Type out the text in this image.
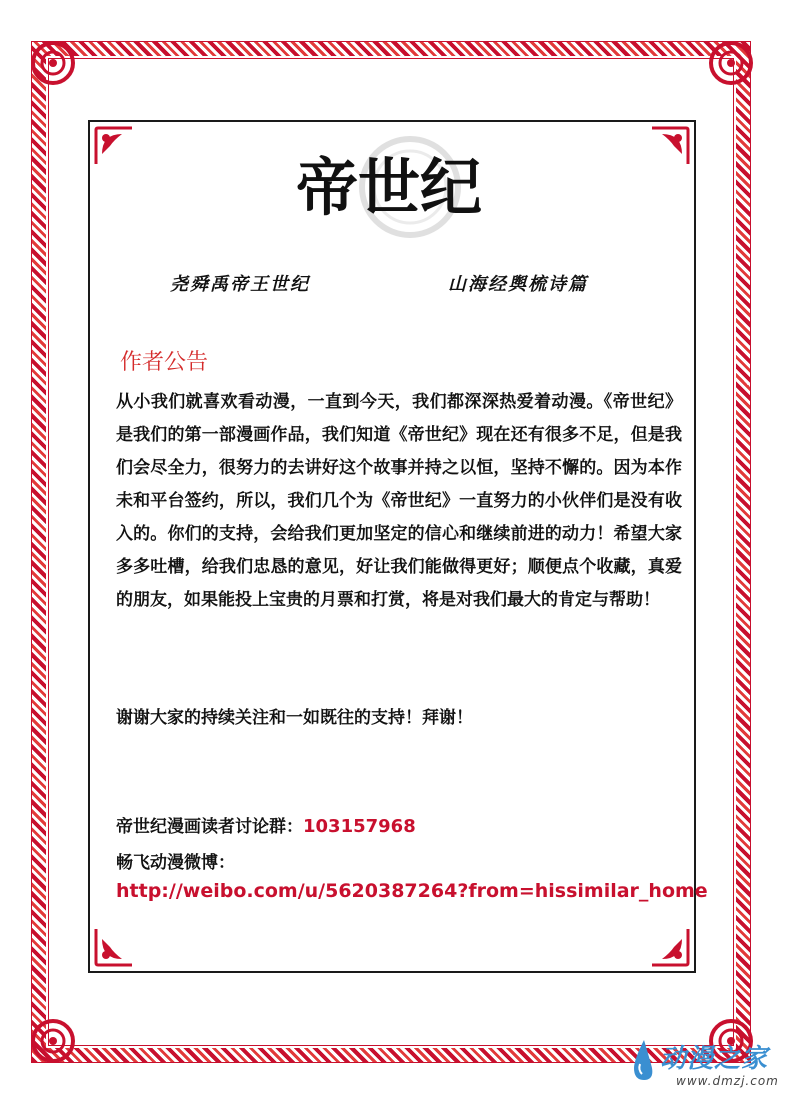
帝世纪
尧舜禹帝王世纪	山海经舆梳诗篇
作者公告

从小我们就喜欢看动漫，一直到今天，我们都深深热爱着动漫。《帝世纪》是我们的第一部漫画作品，我们知道《帝世纪》现在还有很多不足，但是我们会尽全力，很努力的去讲好这个故事并持之以恒，坚持不懈的。因为本作未和平台签约，所以，我们几个为《帝世纪》一直努力的小伙伴们是没有收入的。你们的支持，会给我们更加坚定的信心和继续前进的动力！希望大家多多吐槽，给我们忠恳的意见，好让我们能做得更好；顺便点个收藏，真爱的朋友，如果能投上宝贵的月票和打赏，将是对我们最大的肯定与帮助！

谢谢大家的持续关注和一如既往的支持！拜谢！
帝世纪漫画读者讨论群：103157968
畅飞动漫微博：
http://weibo.com/u/5620387264?from=hissimilar_home
动漫之家
www.dmzj.com
